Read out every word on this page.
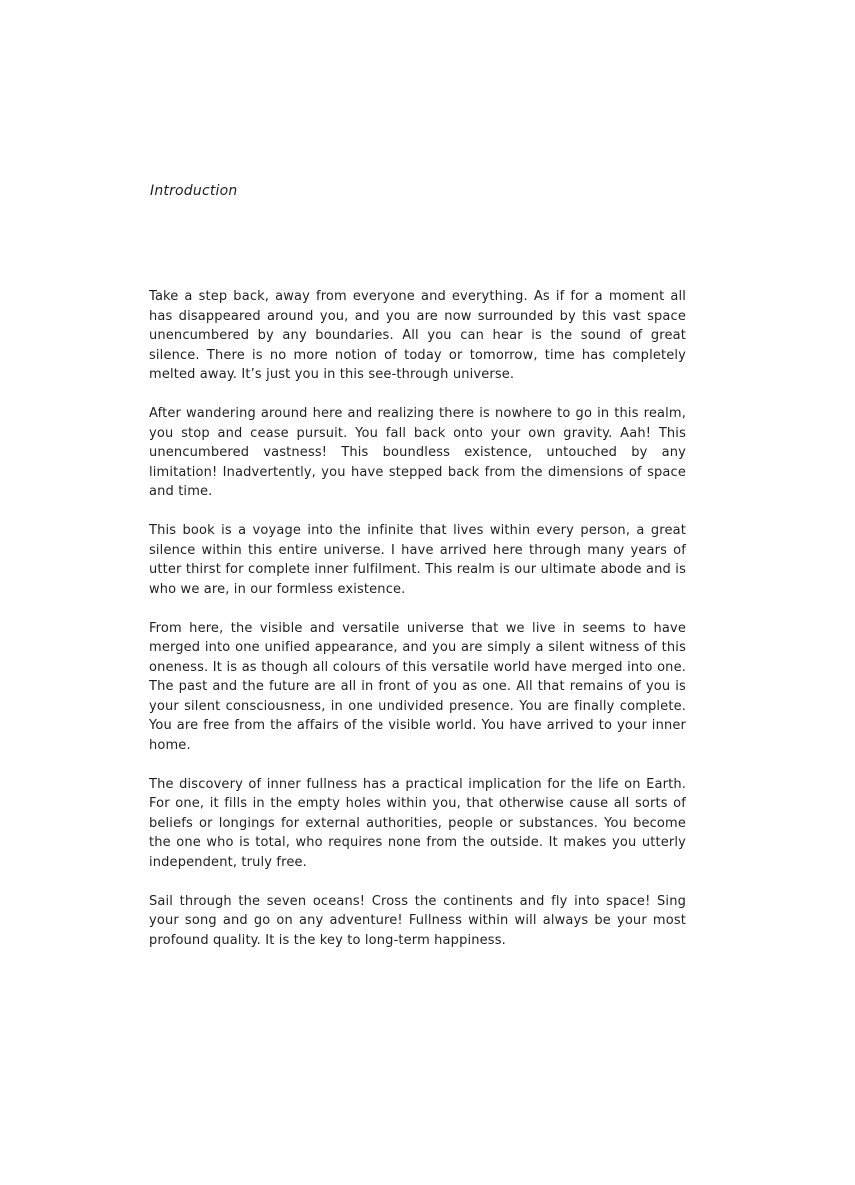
Introduction

Take a step back, away from everyone and everything. As if for a moment all has disappeared around you, and you are now surrounded by this vast space unencumbered by any boundaries. All you can hear is the sound of great silence. There is no more notion of today or tomorrow, time has completely melted away. It’s just you in this see-through universe.

After wandering around here and realizing there is nowhere to go in this realm, you stop and cease pursuit. You fall back onto your own gravity. Aah! This unencumbered vastness! This boundless existence, untouched by any limitation! Inadvertently, you have stepped back from the dimensions of space and time.

This book is a voyage into the infinite that lives within every person, a great silence within this entire universe. I have arrived here through many years of utter thirst for complete inner fulfilment. This realm is our ultimate abode and is who we are, in our formless existence.

From here, the visible and versatile universe that we live in seems to have merged into one unified appearance, and you are simply a silent witness of this oneness. It is as though all colours of this versatile world have merged into one. The past and the future are all in front of you as one. All that remains of you is your silent consciousness, in one undivided presence. You are finally complete. You are free from the affairs of the visible world. You have arrived to your inner home.

The discovery of inner fullness has a practical implication for the life on Earth. For one, it fills in the empty holes within you, that otherwise cause all sorts of beliefs or longings for external authorities, people or substances. You become the one who is total, who requires none from the outside. It makes you utterly independent, truly free.

Sail through the seven oceans! Cross the continents and fly into space! Sing your song and go on any adventure! Fullness within will always be your most profound quality. It is the key to long-term happiness.
